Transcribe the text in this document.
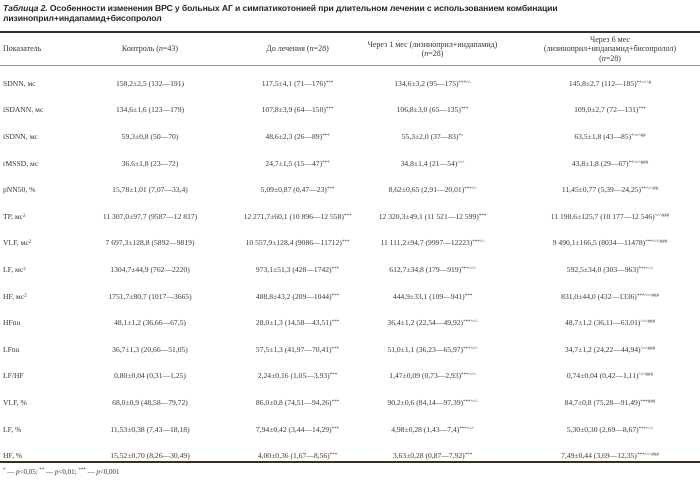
Таблица 2. Особенности изменения ВРС у больных АГ и симпатикотонией при длительном лечении с использованием комбинации лизиноприл+индапамид+бисопролол
Показатель	Контроль (n=43)	До лечения (n=28)
Через 1 мес (лизиноприл+индапамид)
(n=28)
Через 6 мес
(лизиноприл+индапамид+бисопролол)
(n=28)
SDNN, мс	158,2±2,5 (132—191)	117,5±4,1 (71—176) ***	134,6±3,2 (95—175) ***^^	145,8±2,7 (112—185) **^^^#
iSDANN, мс	134,6±1,6 (123—179)	107,8±3,9 (64—150) ***	106,8±3,0 (65—135) ***	109,0±2,7 (72—131) ***
iSDNN, мс	59,3±0,8 (50—70)	48,6±2,3 (26—89) ***	55,3±2,0 (37—83) *^	63,5±1,8 (43—85) *^^^##
rMSSD, мс	36,6±1,8 (23—72)	24,7±1,5 (15—47) ***	34,8±1,4 (21—54) ^^^	43,8±1,8 (29—67) **^^^###
pNN50, %	15,78±1,01 (7,07—33,4)	5,09±0,87 (0,47—23) ***	8,62±0,65 (2,91—20,01) ***^^	11,45±0,77 (5,39—24,25) **^^^##
TP, мс 2	11 307,0±97,7 (9587—12 817)	12 271,7±60,1 (10 896—12 558) ***	12 320,3±49,1 (11 521—12 599) ***	11 198,6±125,7 (10 177—12 546) ^^^###
VLF, мс 2	7 697,3±128,8 (5892—9819)	10 557,9±128,4 (9086—11712) ***	11 111,2±94,7 (9997—12223) ***^^	9 490,1±166,5 (8034—11478) ***^^^###
LF, мс 2	1304,7±44,9 (762—2220)	973,1±51,3 (428—1742) ***	612,7±34,8 (179—919) ***^^^	592,5±34,0 (303—963) ***^^^
HF, мс 2	1751,7±80,7 (1017—3665)	488,8±43,2 (209—1044) ***	444,9±33,1 (109—941) ***	831,0±44,0 (432—1336) ***^^^###
HFnu	48,1±1,2 (36,66—67,5)	28,0±1,3 (14,58—43,51) ***	36,4±1,2 (22,54—49,92) ***^^^	48,7±1,2 (36,11—63,01) ^^^###
LFnu	36,7±1,3 (20,66—51,05)	57,5±1,3 (41,97—70,41) ***	51,0±1,1 (36,23—65,97) ***^^^	34,7±1,2 (24,22—44,94) ^^^###
LF/HF	0,80±0,04 (0,31—1,25)	2,24±0,16 (1,05—3,93) ***	1,47±0,09 (0,73—2,93) ***^^^	0,74±0,04 (0,42—1,11) ^^^###
VLF, %	68,0±0,9 (48,58—79,72)	86,0±0,8 (74,51—94,26) ***	90,2±0,6 (84,14—97,39) ***^^^	84,7±0,8 (75,28—91,49) ***###
LF, %	11,53±0,38 (7,43—18,18)	7,94±0,42 (3,44—14,29) ***	4,98±0,28 (1,43—7,4) ***^^^	5,30±0,30 (2,69—8,67) ***^^^
HF, %	15,52±0,70 (8,26—30,49)	4,00±0,36 (1,67—8,56) ***	3,63±0,28 (0,87—7,92) ***	7,49±0,44 (3,69—12,35) ***^^^###
* — p<0,05; ** — p<0,01; *** — p<0,001
